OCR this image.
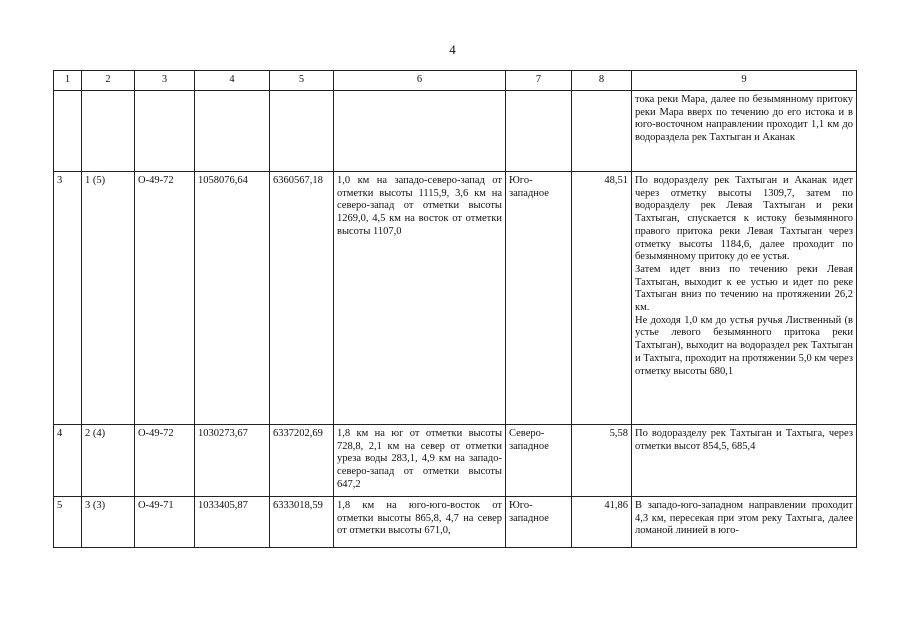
4
1	2	3	4	5	6	7	8	9
								тока реки Мара, далее по безымянному притоку реки Мара вверх по течению до его истока и в юго-восточном направлении проходит 1,1 км до водораздела рек Тахтыган и Аканак
3	1 (5)	О-49-72	1058076,64	6360567,18	1,0 км на западо-северо-запад от отметки высоты 1115,9, 3,6 км на северо-запад от отметки высоты 1269,0, 4,5 км на восток от отметки высоты 1107,0	Юго-западное	48,51	По водоразделу рек Тахтыган и Аканак идет через отметку высоты 1309,7, затем по водоразделу рек Левая Тахтыган и реки Тахтыган, спускается к истоку безымянного правого притока реки Левая Тахтыган через отметку высоты 1184,6, далее проходит по безымянному притоку до ее устья.

Затем идет вниз по течению реки Левая Тахтыган, выходит к ее устью и идет по реке Тахтыган вниз по течению на протяжении 26,2 км.

Не доходя 1,0 км до устья ручья Лиственный (в устье левого безымянного притока реки Тахтыган), выходит на водораздел рек Тахтыган и Тахтыга, проходит на протяжении 5,0 км через отметку высоты 680,1

4	2 (4)	О-49-72	1030273,67	6337202,69	1,8 км на юг от отметки высоты 728,8, 2,1 км на север от отметки уреза воды 283,1, 4,9 км на западо-северо-запад от отметки высоты 647,2	Северо-западное	5,58	По водоразделу рек Тахтыган и Тахтыга, через отметки высот 854,5, 685,4

5	3 (3)	О-49-71	1033405,87	6333018,59	1,8 км на юго-юго-восток от отметки высоты 865,8, 4,7 на север от отметки высоты 671,0,	Юго-западное	41,86	В западо-юго-западном направлении проходит 4,3 км, пересекая при этом реку Тахтыга, далее ломаной линией в юго-
